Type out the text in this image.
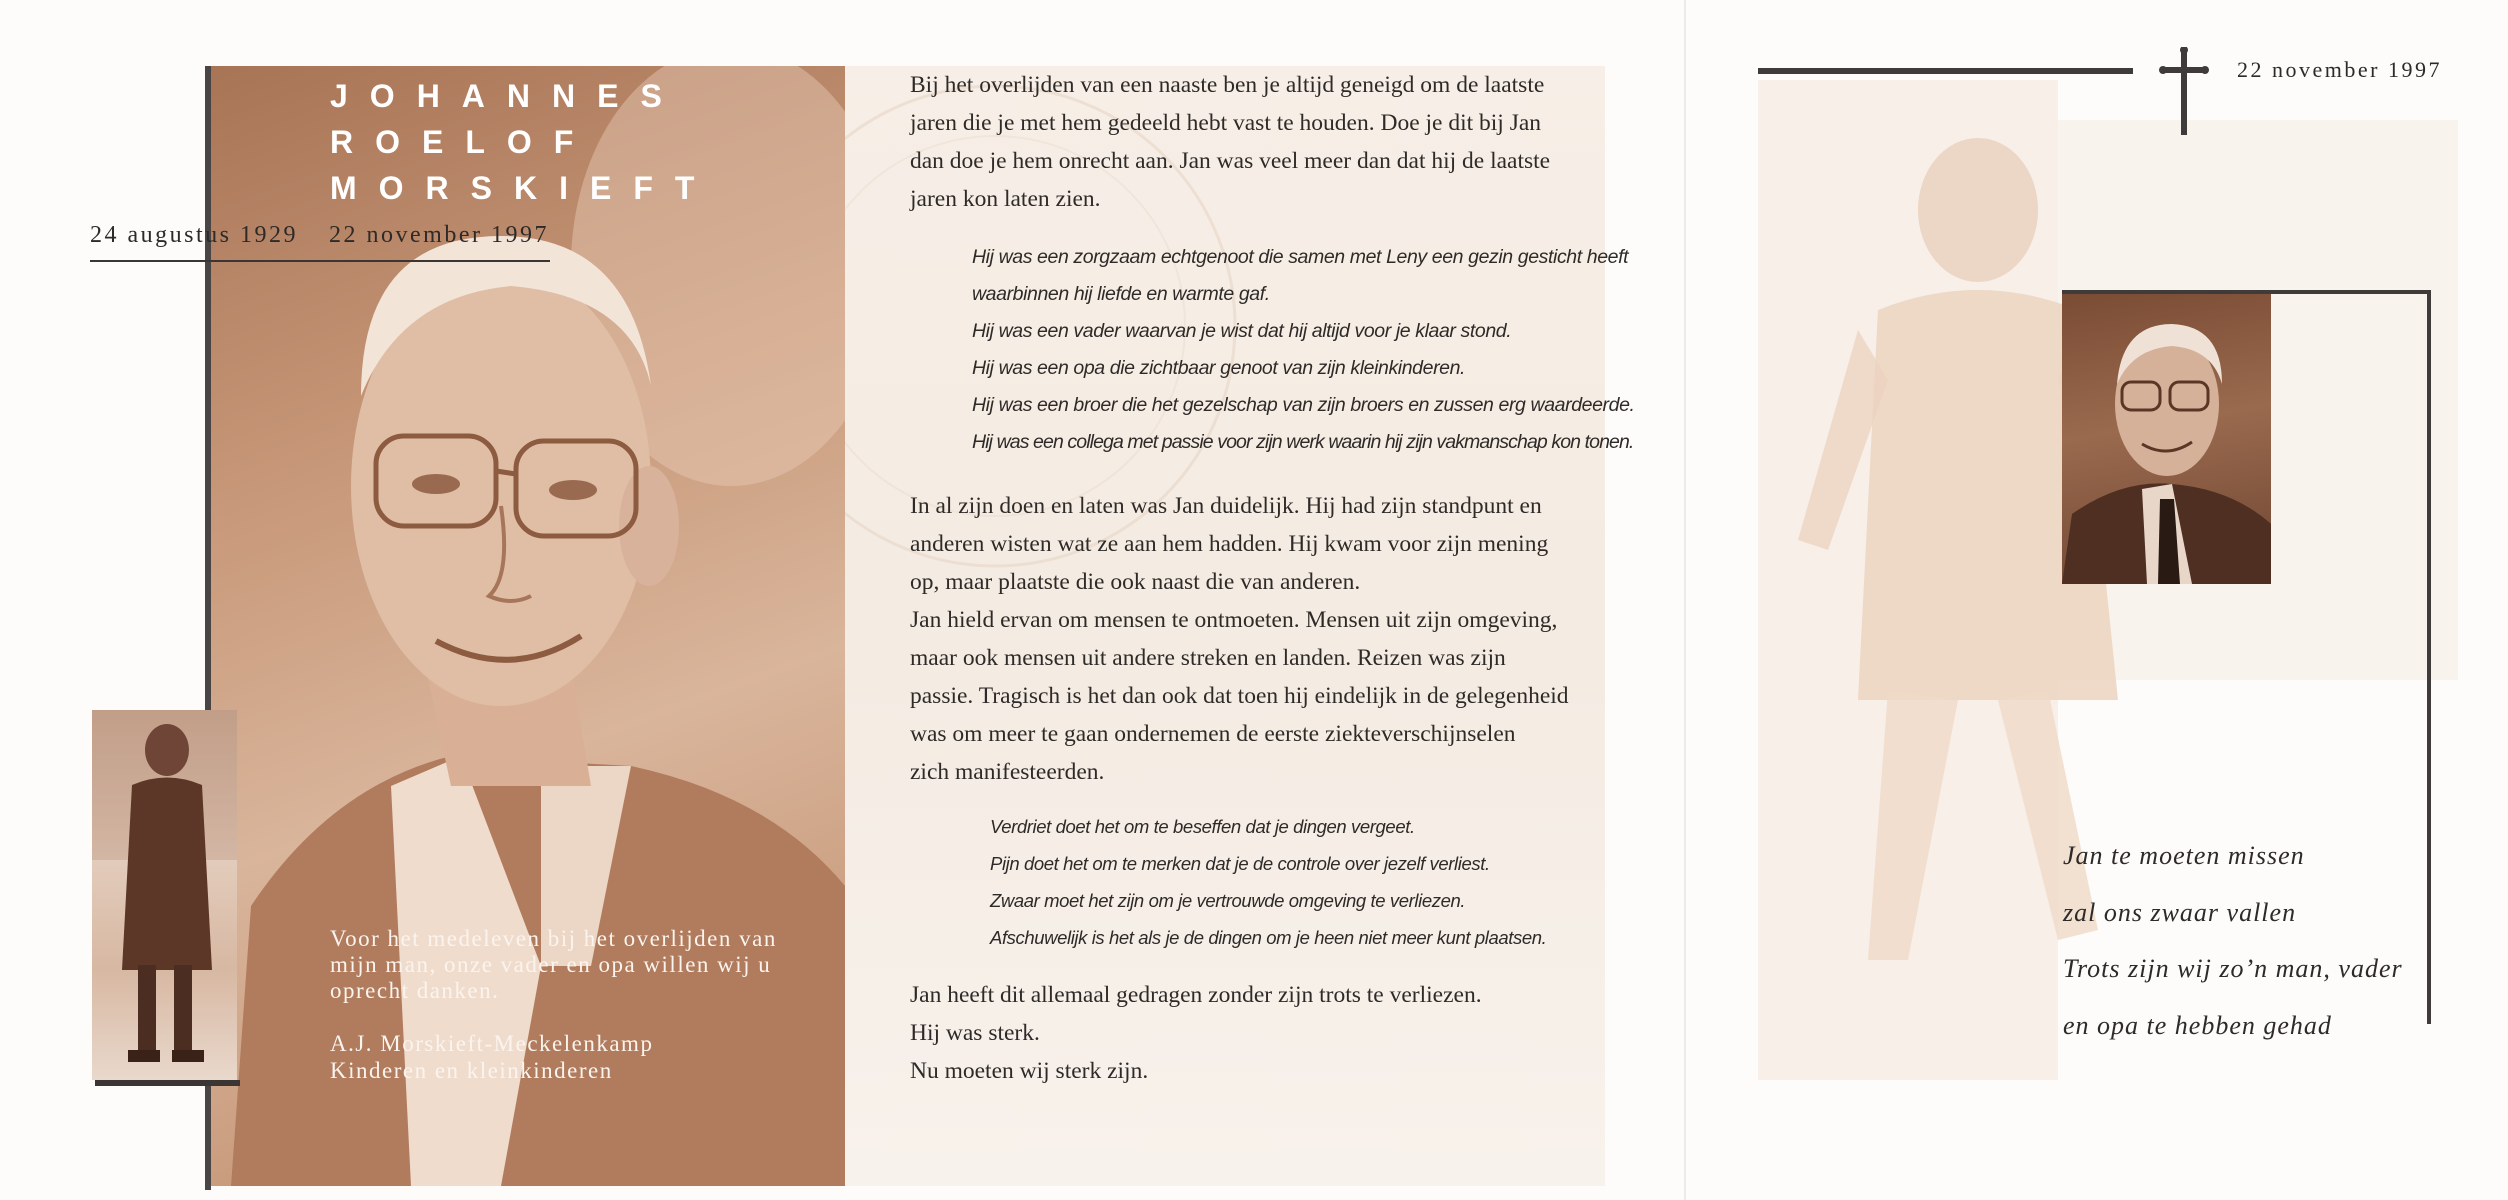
JOHANNES
ROELOF
MORSKIEFT
24 augustus 1929 22 november 1997

Voor het medeleven bij het overlijden van mijn man, onze vader en opa willen wij u oprecht danken.

A.J. Morskieft-Meckelenkamp
Kinderen en kleinkinderen

Bij het overlijden van een naaste ben je altijd geneigd om de laatste

jaren die je met hem gedeeld hebt vast te houden. Doe je dit bij Jan

dan doe je hem onrecht aan. Jan was veel meer dan dat hij de laatste

jaren kon laten zien.

Hij was een zorgzaam echtgenoot die samen met Leny een gezin gesticht heeft

waarbinnen hij liefde en warmte gaf.

Hij was een vader waarvan je wist dat hij altijd voor je klaar stond.

Hij was een opa die zichtbaar genoot van zijn kleinkinderen.

Hij was een broer die het gezelschap van zijn broers en zussen erg waardeerde.

Hij was een collega met passie voor zijn werk waarin hij zijn vakmanschap kon tonen.

In al zijn doen en laten was Jan duidelijk. Hij had zijn standpunt en

anderen wisten wat ze aan hem hadden. Hij kwam voor zijn mening

op, maar plaatste die ook naast die van anderen.

Jan hield ervan om mensen te ontmoeten. Mensen uit zijn omgeving,

maar ook mensen uit andere streken en landen. Reizen was zijn

passie. Tragisch is het dan ook dat toen hij eindelijk in de gelegenheid

was om meer te gaan ondernemen de eerste ziekteverschijnselen

zich manifesteerden.

Verdriet doet het om te beseffen dat je dingen vergeet.

Pijn doet het om te merken dat je de controle over jezelf verliest.

Zwaar moet het zijn om je vertrouwde omgeving te verliezen.

Afschuwelijk is het als je de dingen om je heen niet meer kunt plaatsen.

Jan heeft dit allemaal gedragen zonder zijn trots te verliezen.

Hij was sterk.

Nu moeten wij sterk zijn.

22 november 1997

Jan te moeten missen

zal ons zwaar vallen

Trots zijn wij zo’n man, vader

en opa te hebben gehad
